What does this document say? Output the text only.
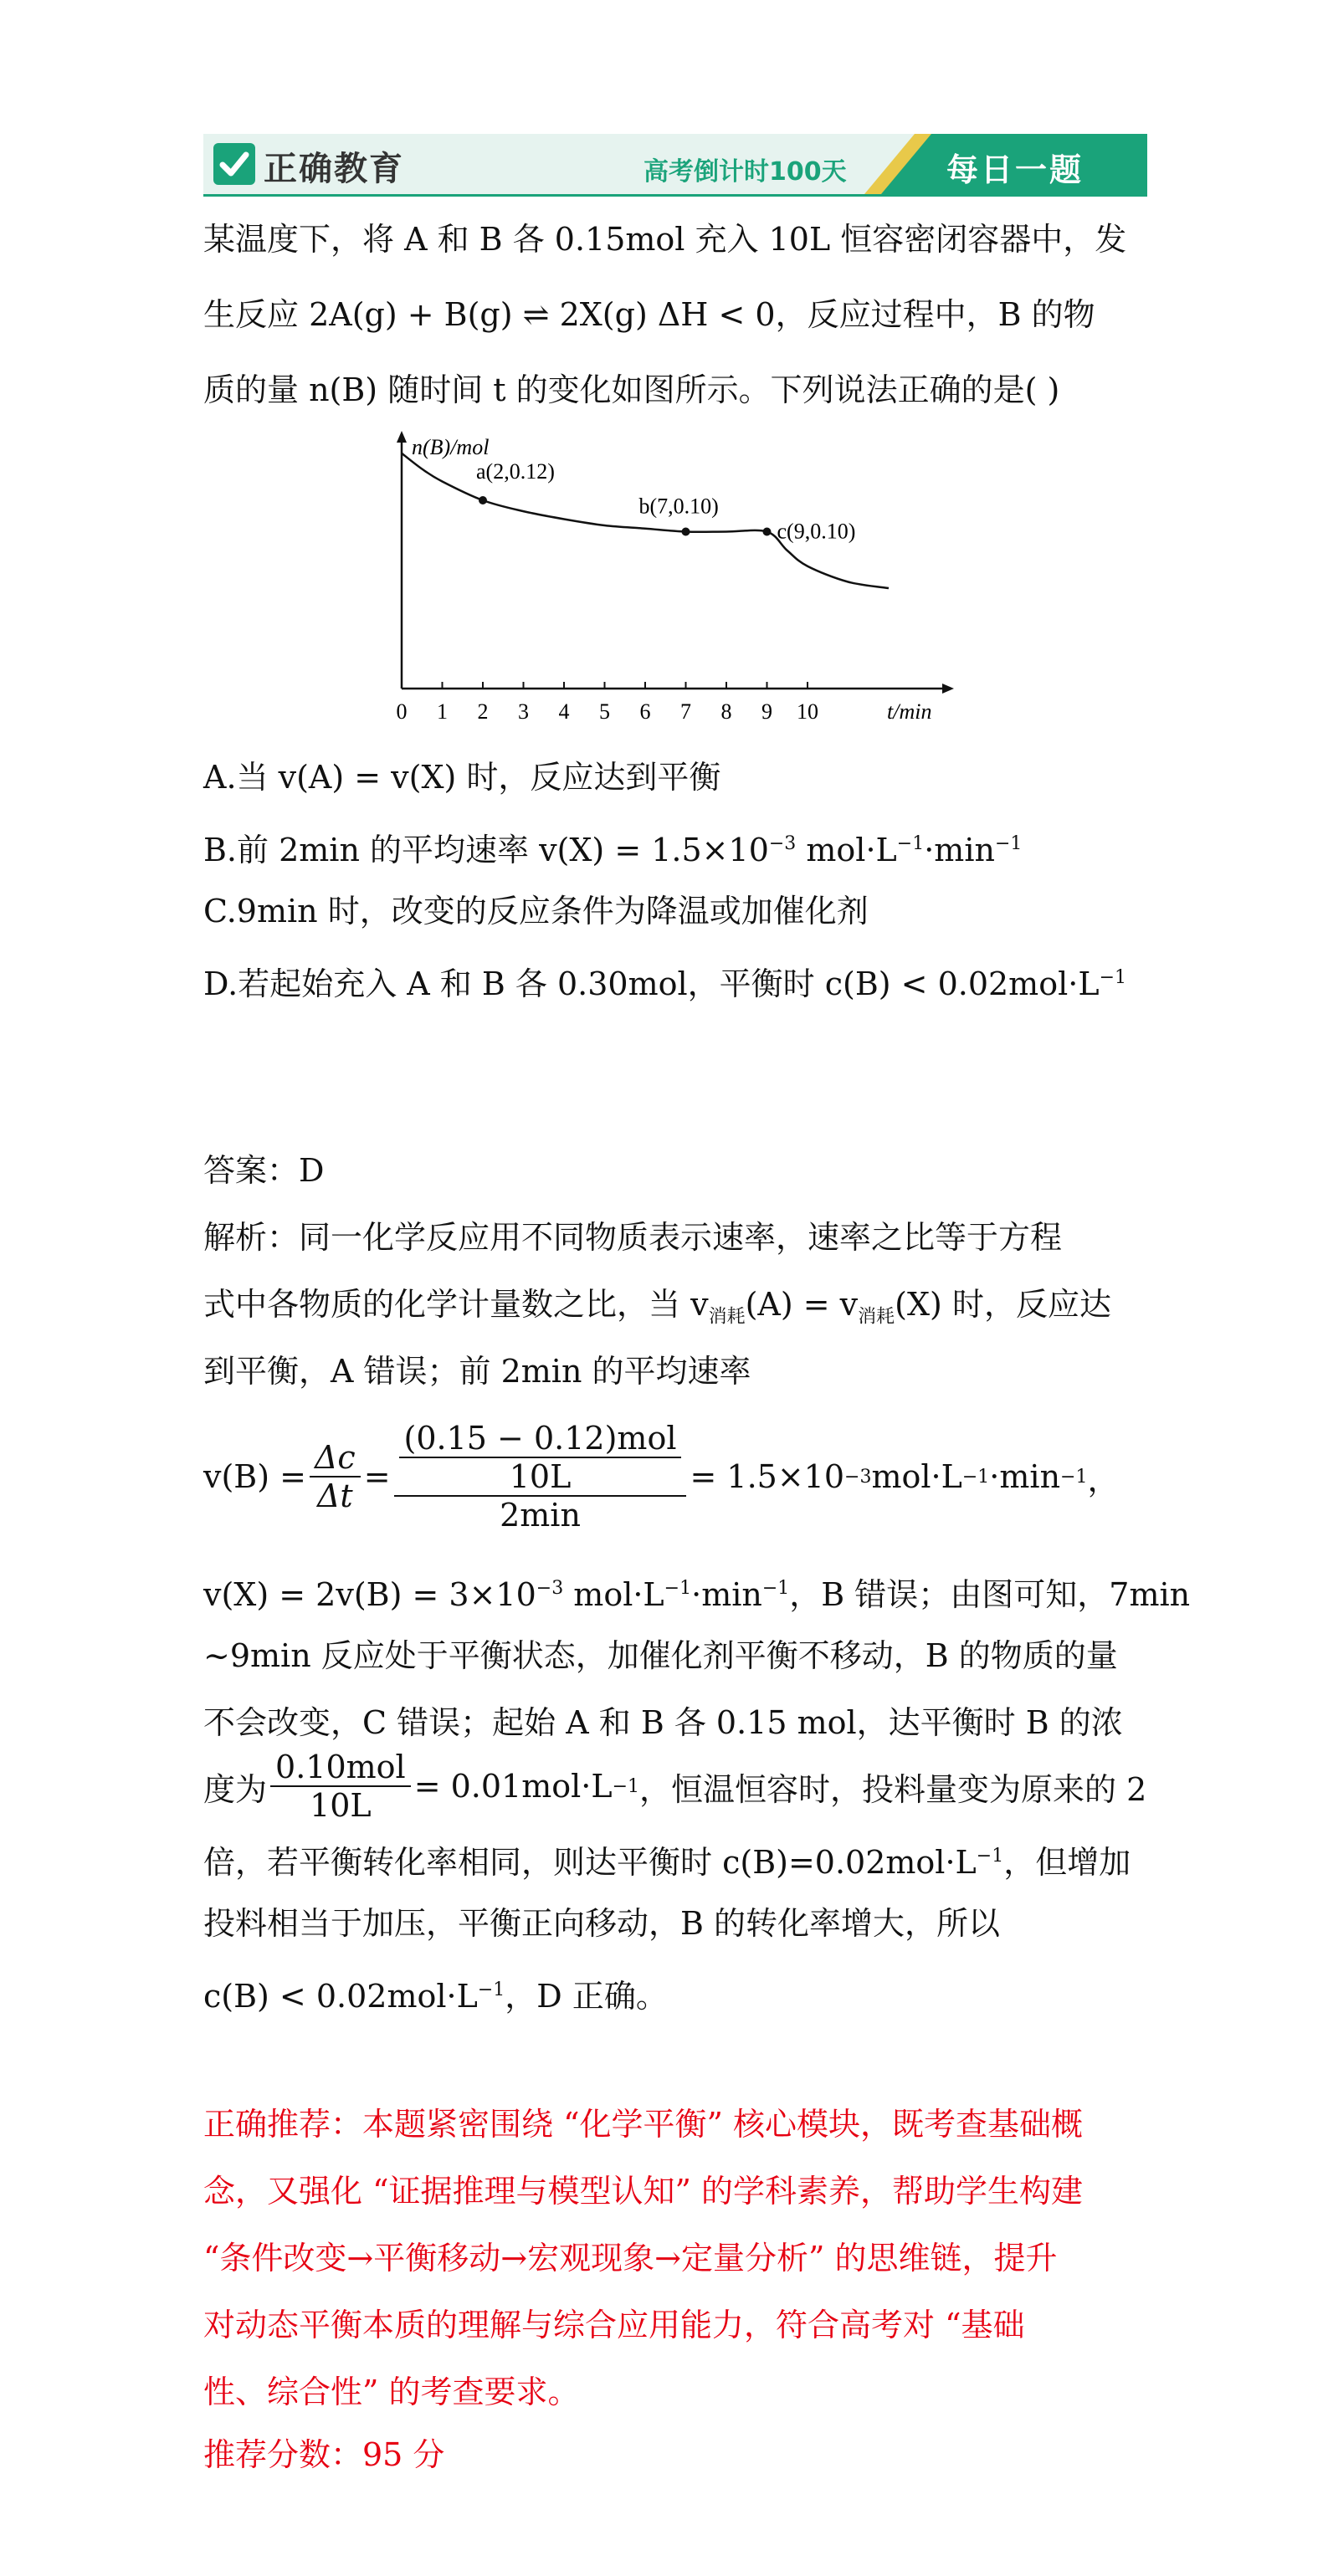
正确教育	高考倒计时100天	每日一题
某温度下，将 A 和 B 各 0.15mol 充入 10L 恒容密闭容器中，发
生反应 2A(g) + B(g) ⇌ 2X(g) ΔH < 0，反应过程中，B 的物
质的量 n(B) 随时间 t 的变化如图所示。下列说法正确的是( )
n(B)/mol
t/min
0 1 2 3 4 5 6 7 8 9 10
a(2,0.12)
b(7,0.10)
c(9,0.10)
A.当 v(A) = v(X) 时，反应达到平衡
B.前 2min 的平均速率 $v(X) = 1.5\times 10^{-3}$ $mol\cdot L^{-1}\cdot\min^{-1}$
C.9min 时，改变的反应条件为降温或加催化剂
D.若起始充入 A 和 B 各 0.30mol，平衡时 $c(B) < 0.02mol\cdot L^{-1}$
答案：D
解析：同一化学反应用不同物质表示速率，速率之比等于方程
式中各物质的化学计量数之比，当 $v_{消耗}(A) = v_{消耗}(X)$ 时，反应达
到平衡，A 错误；前 2min 的平均速率
$v(B) = \frac{\Delta c}{\Delta t} = \frac{\frac{\text{(0.15 − 0.12)mol}}{10L}}{2\min} = 1.5\times 10 -3$ mol·L −1 ·min −1 ，
$v(X) = 2v(B) = 3\times 10^{-3}$ $mol\cdot L^{-1}\cdot\min^{-1}$，B 错误；由图可知，7min
~9min 反应处于平衡状态，加催化剂平衡不移动，B 的物质的量
不会改变，C 错误；起始 A 和 B 各 0.15 mol，达平衡时 B 的浓
度为 $\frac{\text{0.10mol}}{10L} = 0.01mol\cdot L -1$ ，恒温恒容时，投料量变为原来的 2
倍，若平衡转化率相同，则达平衡时 $c(B)=0.02mol\cdot L^{-1}$，但增加
投料相当于加压，平衡正向移动，B 的转化率增大，所以
$c(B) < 0.02mol\cdot L^{-1}$，D 正确。
正确推荐：本题紧密围绕 “化学平衡” 核心模块，既考查基础概
念，又强化 “证据推理与模型认知” 的学科素养，帮助学生构建
“条件改变→平衡移动→宏观现象→定量分析” 的思维链，提升
对动态平衡本质的理解与综合应用能力，符合高考对 “基础
性、综合性” 的考查要求。
推荐分数：95 分
